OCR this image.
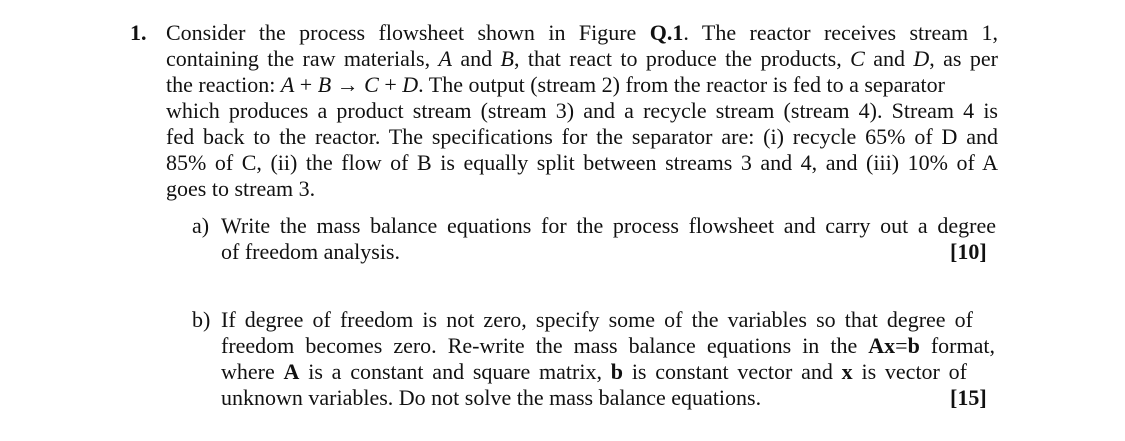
1. Consider the process flowsheet shown in Figure Q.1. The reactor receives stream 1,
containing the raw materials, A and B, that react to produce the products, C and D, as per
the reaction: A + B → C + D. The output (stream 2) from the reactor is fed to a separator
which produces a product stream (stream 3) and a recycle stream (stream 4). Stream 4 is
fed back to the reactor. The specifications for the separator are: (i) recycle 65% of D and
85% of C, (ii) the flow of B is equally split between streams 3 and 4, and (iii) 10% of A
goes to stream 3.
a) Write the mass balance equations for the process flowsheet and carry out a degree
of freedom analysis.	[10]
b) If degree of freedom is not zero, specify some of the variables so that degree of
freedom becomes zero. Re-write the mass balance equations in the Ax=b format,
where A is a constant and square matrix, b is constant vector and x is vector of
unknown variables. Do not solve the mass balance equations.	[15]
